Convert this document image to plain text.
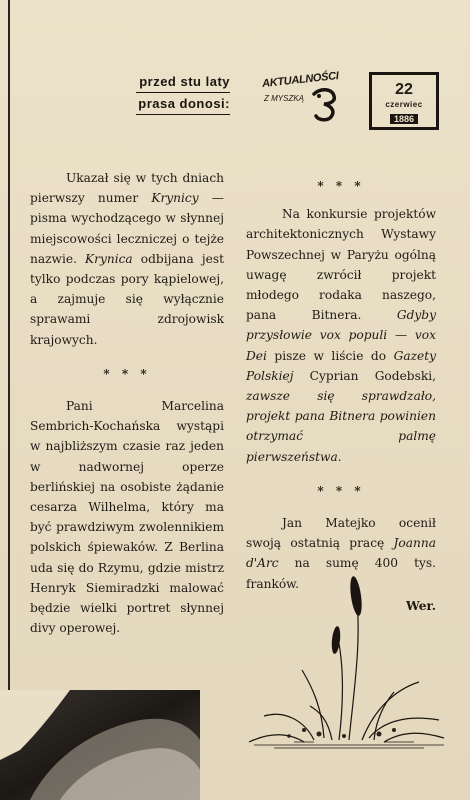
przed stu laty
prasa donosi:
AKTUALNOŚCI
Z MYSZKĄ
22
czerwiec
1886

Ukazał się w tych dniach pierwszy numer Krynicy — pisma wychodzącego w słynnej miejscowości leczniczej o tejże nazwie. Krynica odbijana jest tylko podczas pory kąpielowej, a zajmuje się wyłącznie sprawami zdrojowisk krajowych.

* * *

Pani Marcelina Sembrich-Kochańska wystąpi w najbliższym czasie raz jeden w nadwornej operze berlińskiej na osobiste żądanie cesarza Wilhelma, który ma być prawdziwym zwolennikiem polskich śpiewaków. Z Berlina uda się do Rzymu, gdzie mistrz Henryk Siemiradzki malować będzie wielki portret słynnej divy operowej.

* * *

Na konkursie projektów architektonicznych Wystawy Powszechnej w Paryżu ogólną uwagę zwrócił projekt młodego rodaka naszego, pana Bitnera. Gdyby przysłowie vox populi — vox Dei pisze w liście do Gazety Polskiej Cyprian Godebski, zawsze się sprawdzało, projekt pana Bitnera powinien otrzymać palmę pierwszeństwa.

* * *

Jan Matejko ocenił swoją ostatnią pracę Joanna d'Arc na sumę 400 tys. franków.

Wer.
